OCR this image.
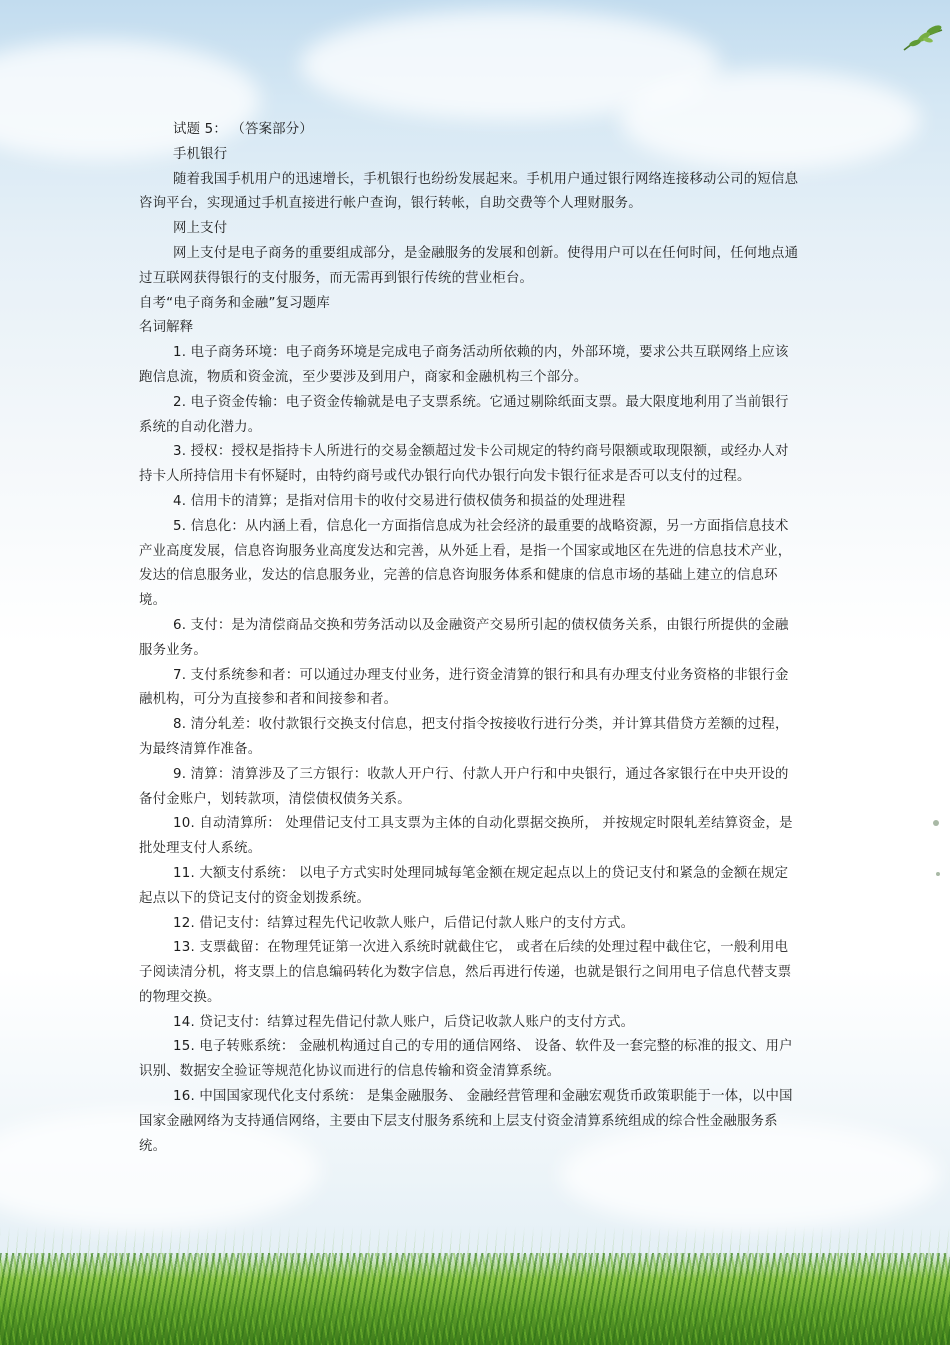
试题 5： （答案部分）

手机银行

随着我国手机用户的迅速增长，手机银行也纷纷发展起来。手机用户通过银行网络连接移动公司的短信息咨询平台，实现通过手机直接进行帐户查询，银行转帐，自助交费等个人理财服务。

网上支付

网上支付是电子商务的重要组成部分，是金融服务的发展和创新。使得用户可以在任何时间，任何地点通过互联网获得银行的支付服务，而无需再到银行传统的营业柜台。

自考“电子商务和金融”复习题库

名词解释

1. 电子商务环境：电子商务环境是完成电子商务活动所依赖的内，外部环境，要求公共互联网络上应该跑信息流，物质和资金流，至少要涉及到用户，商家和金融机构三个部分。

2. 电子资金传输：电子资金传输就是电子支票系统。它通过剔除纸面支票。最大限度地利用了当前银行系统的自动化潜力。

3. 授权：授权是指持卡人所进行的交易金额超过发卡公司规定的特约商号限额或取现限额，或经办人对持卡人所持信用卡有怀疑时，由特约商号或代办银行向代办银行向发卡银行征求是否可以支付的过程。

4. 信用卡的清算；是指对信用卡的收付交易进行债权债务和损益的处理进程

5. 信息化：从内涵上看，信息化一方面指信息成为社会经济的最重要的战略资源，另一方面指信息技术产业高度发展，信息咨询服务业高度发达和完善，从外延上看，是指一个国家或地区在先进的信息技术产业，发达的信息服务业，发达的信息服务业，完善的信息咨询服务体系和健康的信息市场的基础上建立的信息环境。

6. 支付：是为清偿商品交换和劳务活动以及金融资产交易所引起的债权债务关系，由银行所提供的金融服务业务。

7. 支付系统参和者：可以通过办理支付业务，进行资金清算的银行和具有办理支付业务资格的非银行金融机构，可分为直接参和者和间接参和者。

8. 清分轧差：收付款银行交换支付信息，把支付指令按接收行进行分类，并计算其借贷方差额的过程，为最终清算作准备。

9. 清算：清算涉及了三方银行：收款人开户行、付款人开户行和中央银行，通过各家银行在中央开设的备付金账户，划转款项，清偿债权债务关系。

10. 自动清算所： 处理借记支付工具支票为主体的自动化票据交换所， 并按规定时限轧差结算资金，是批处理支付人系统。

11. 大额支付系统： 以电子方式实时处理同城每笔金额在规定起点以上的贷记支付和紧急的金额在规定起点以下的贷记支付的资金划拨系统。

12. 借记支付：结算过程先代记收款人账户，后借记付款人账户的支付方式。

13. 支票截留：在物理凭证第一次进入系统时就截住它， 或者在后续的处理过程中截住它，一般利用电子阅读清分机，将支票上的信息编码转化为数字信息，然后再进行传递，也就是银行之间用电子信息代替支票的物理交换。

14. 贷记支付：结算过程先借记付款人账户，后贷记收款人账户的支付方式。

15. 电子转账系统： 金融机构通过自己的专用的通信网络、 设备、软件及一套完整的标准的报文、用户识别、数据安全验证等规范化协议而进行的信息传输和资金清算系统。

16. 中国国家现代化支付系统： 是集金融服务、 金融经营管理和金融宏观货币政策职能于一体，以中国国家金融网络为支持通信网络，主要由下层支付服务系统和上层支付资金清算系统组成的综合性金融服务系统。
